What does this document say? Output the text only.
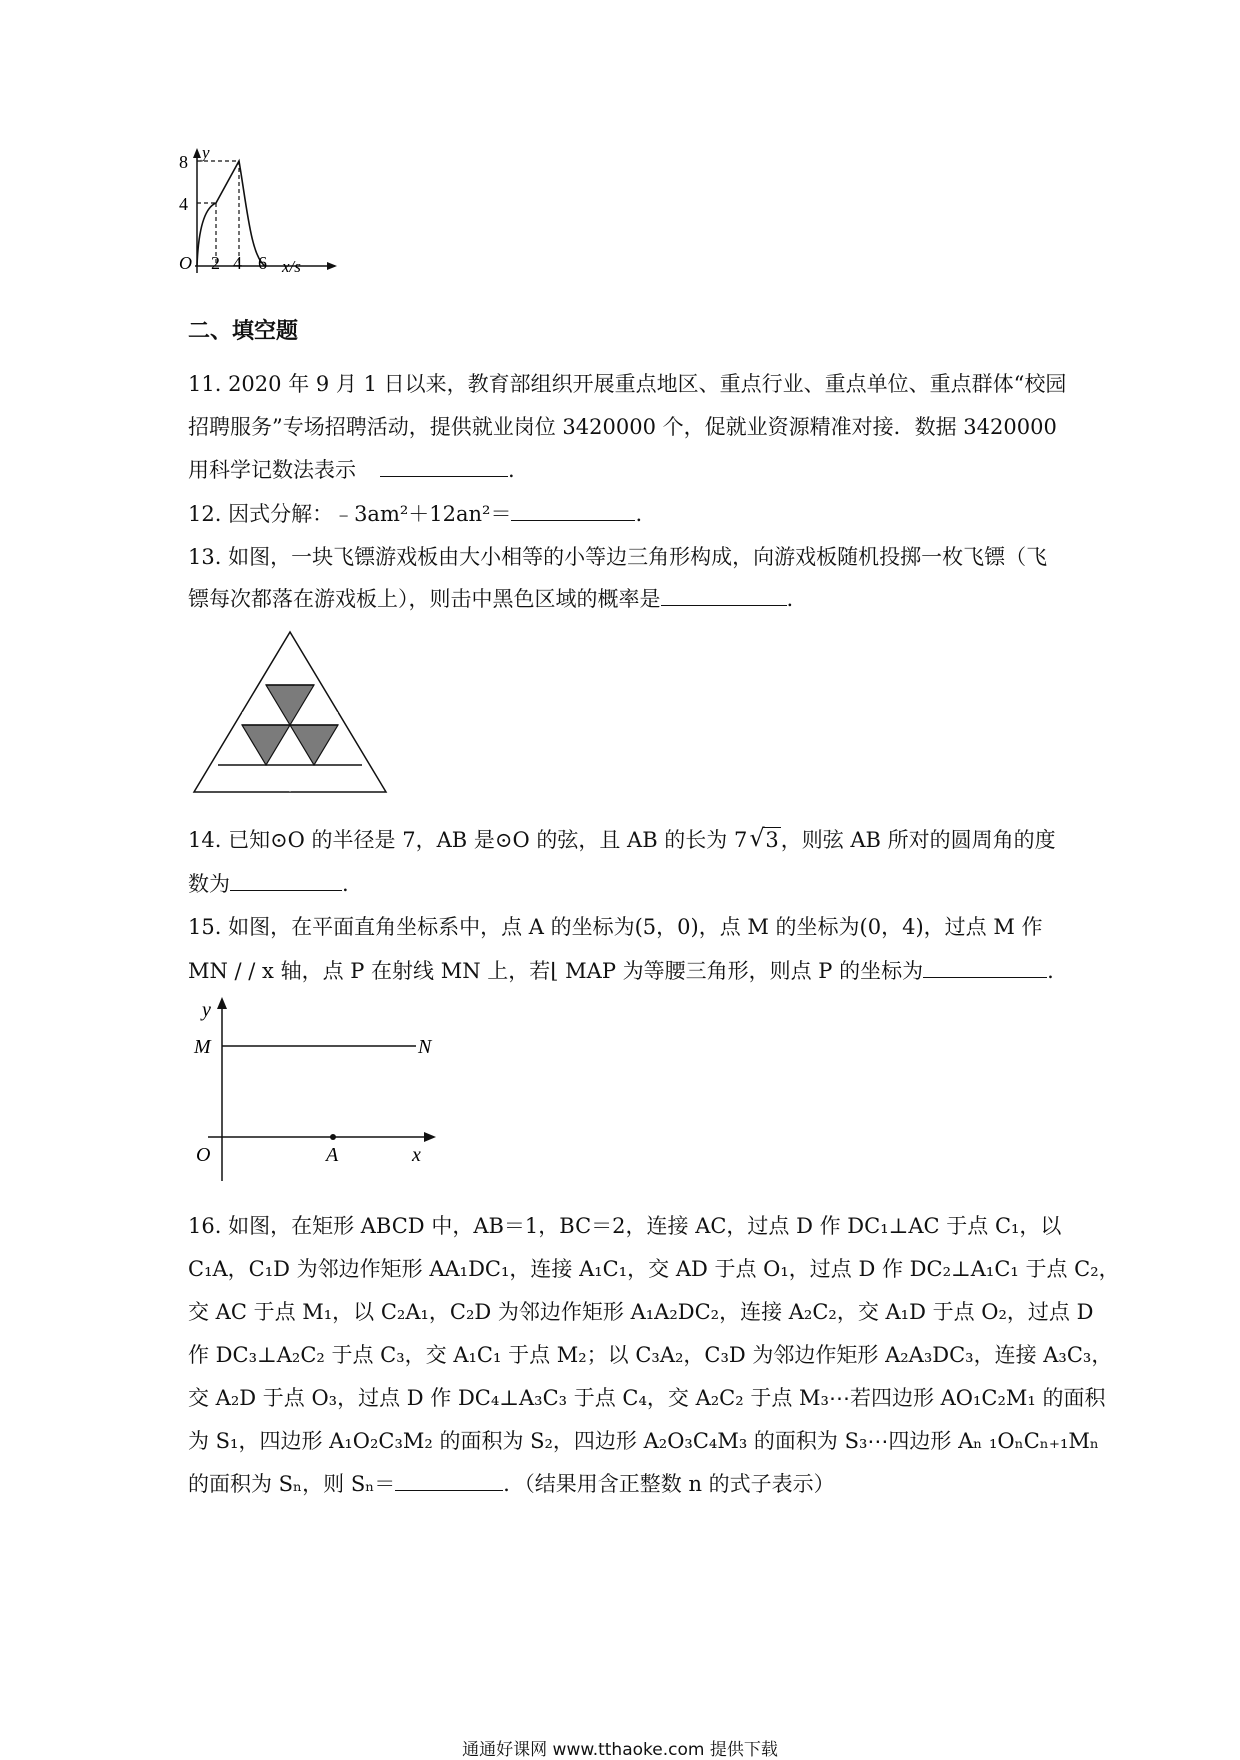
y
8
4
O 2 4 6 x/s
二、填空题
11. 2020 年 9 月 1 日以来，教育部组织开展重点地区、重点行业、重点单位、重点群体“校园
招聘服务”专场招聘活动，提供就业岗位 3420000 个，促就业资源精准对接．数据 3420000
用科学记数法表示	.
12. 因式分解：﹣3am²＋12an²＝	.
13. 如图，一块飞镖游戏板由大小相等的小等边三角形构成，向游戏板随机投掷一枚飞镖（飞
镖每次都落在游戏板上），则击中黑色区域的概率是	.
14. 已知⊙O 的半径是 7，AB 是⊙O 的弦，且 AB 的长为 7 √ 3，则弦 AB 所对的圆周角的度
数为	.
15. 如图，在平面直角坐标系中，点 A 的坐标为(5，0)，点 M 的坐标为(0，4)，过点 M 作
MN / / x 轴，点 P 在射线 MN 上，若⌊ MAP 为等腰三角形，则点 P 的坐标为	.
y
M	N
O	A	x
16. 如图，在矩形 ABCD 中，AB＝1，BC＝2，连接 AC，过点 D 作 DC₁⊥AC 于点 C₁，以
C₁A，C₁D 为邻边作矩形 AA₁DC₁，连接 A₁C₁，交 AD 于点 O₁，过点 D 作 DC₂⊥A₁C₁ 于点 C₂，
交 AC 于点 M₁，以 C₂A₁，C₂D 为邻边作矩形 A₁A₂DC₂，连接 A₂C₂，交 A₁D 于点 O₂，过点 D
作 DC₃⊥A₂C₂ 于点 C₃，交 A₁C₁ 于点 M₂；以 C₃A₂，C₃D 为邻边作矩形 A₂A₃DC₃，连接 A₃C₃，
交 A₂D 于点 O₃，过点 D 作 DC₄⊥A₃C₃ 于点 C₄，交 A₂C₂ 于点 M₃⋯若四边形 AO₁C₂M₁ 的面积
为 S₁，四边形 A₁O₂C₃M₂ 的面积为 S₂，四边形 A₂O₃C₄M₃ 的面积为 S₃⋯四边形 Aₙ ₁OₙCₙ₊₁Mₙ
的面积为 Sₙ，则 Sₙ＝	．（结果用含正整数 n 的式子表示）
通通好课网 www.tthaoke.com 提供下载
